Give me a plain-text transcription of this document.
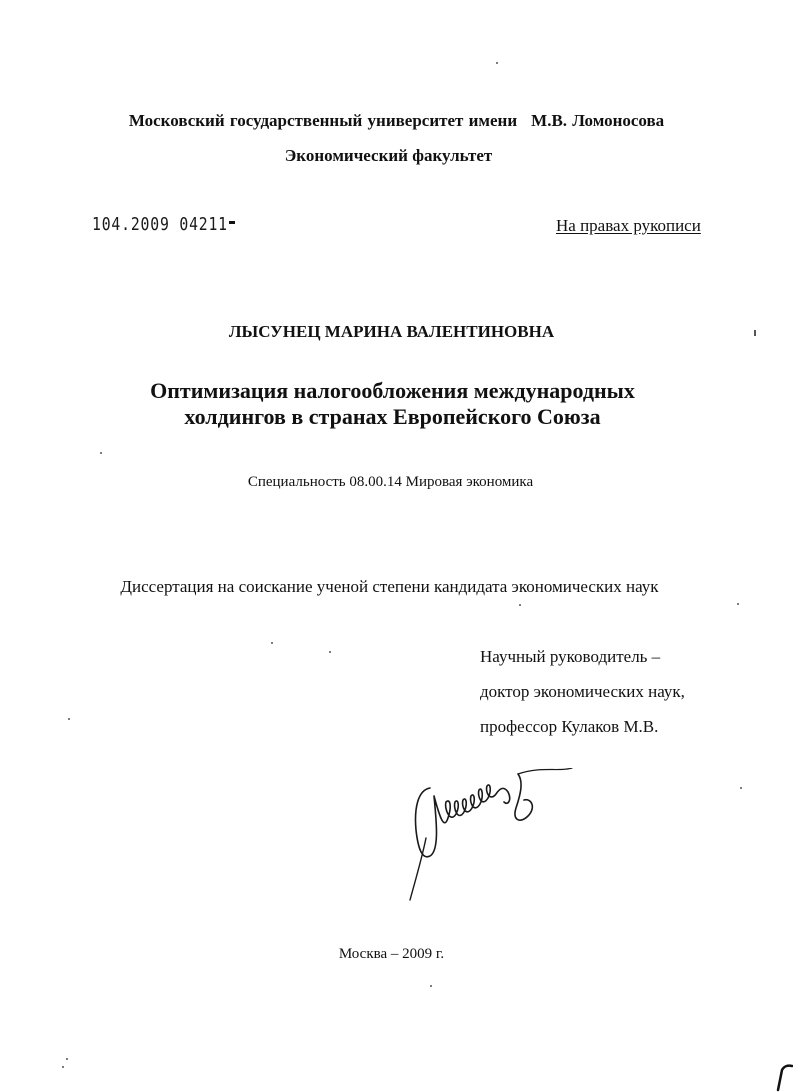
Московский государственный университет имени М.В. Ломоносова
Экономический факультет
104.2009 04211	На правах рукописи
ЛЫСУНЕЦ МАРИНА ВАЛЕНТИНОВНА
Оптимизация налогообложения международных
холдингов в странах Европейского Союза
Специальность 08.00.14 Мировая экономика
Диссертация на соискание ученой степени кандидата экономических наук
Научный руководитель –
доктор экономических наук,
профессор Кулаков М.В.
Москва – 2009 г.
